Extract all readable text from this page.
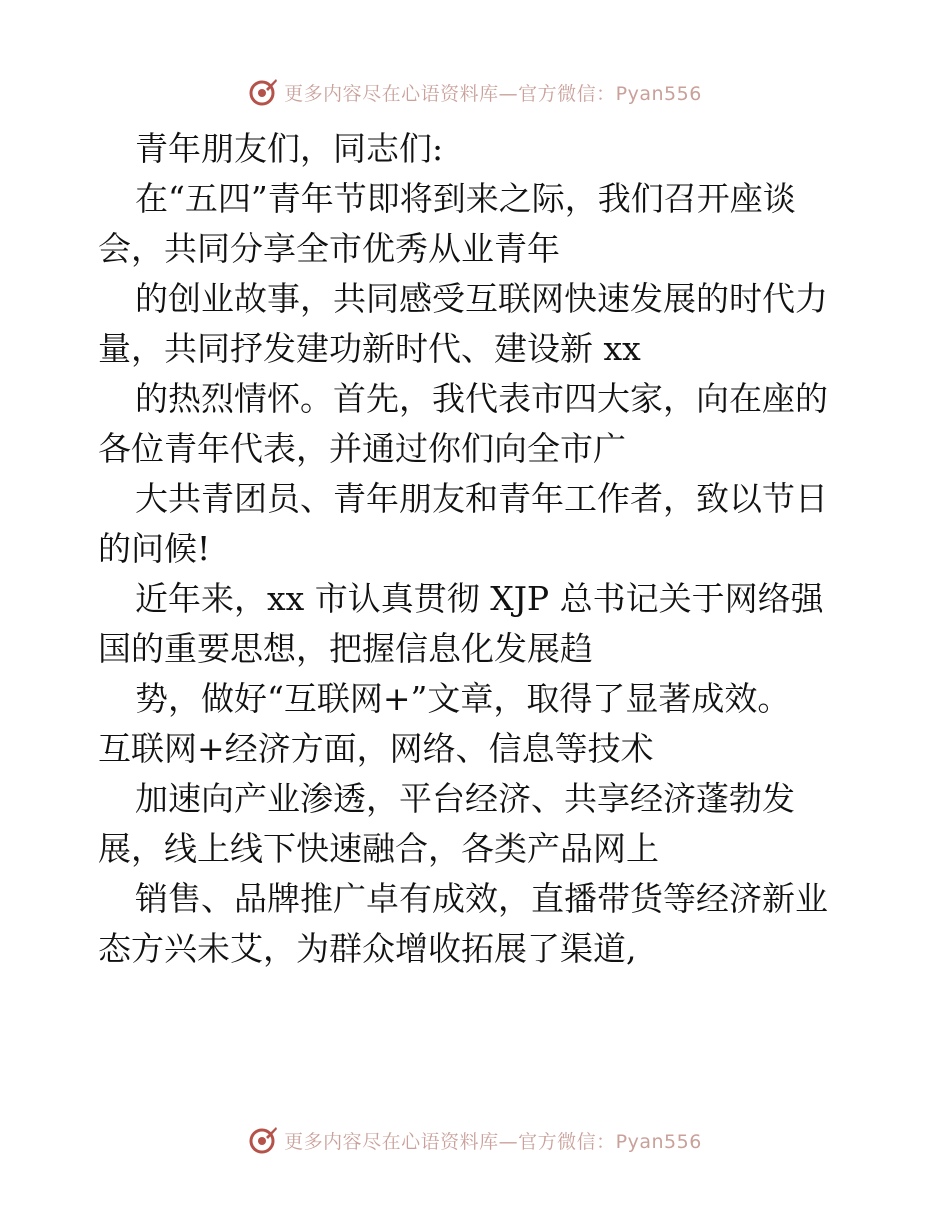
更多内容尽在心语资料库—官方微信：Pyan556
青年朋友们，同志们:
在“五四”青年节即将到来之际，我们召开座谈
会，共同分享全市优秀从业青年
的创业故事，共同感受互联网快速发展的时代力
量，共同抒发建功新时代、建设新 xx
的热烈情怀。首先，我代表市四大家，向在座的
各位青年代表，并通过你们向全市广
大共青团员、青年朋友和青年工作者，致以节日
的问候!
近年来，xx 市认真贯彻 XJP 总书记关于网络强
国的重要思想，把握信息化发展趋
势，做好“互联网+”文章，取得了显著成效。
互联网+经济方面，网络、信息等技术
加速向产业渗透，平台经济、共享经济蓬勃发
展，线上线下快速融合，各类产品网上
销售、品牌推广卓有成效，直播带货等经济新业
态方兴未艾，为群众增收拓展了渠道,
更多内容尽在心语资料库—官方微信：Pyan556
